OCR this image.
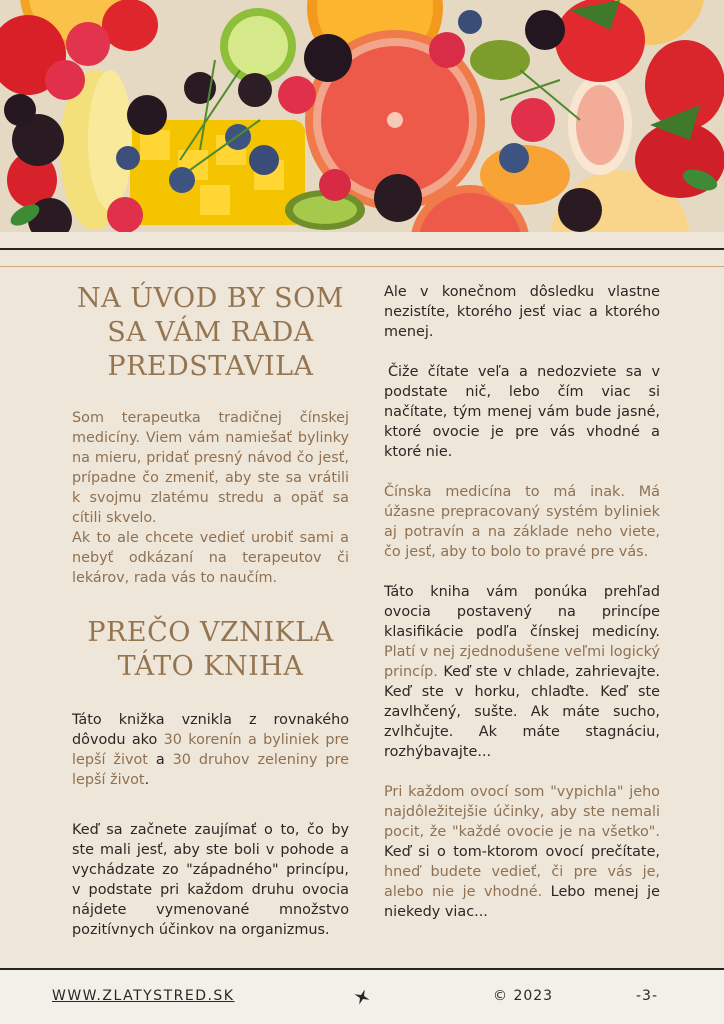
NA ÚVOD BY SOM SA VÁM RADA PREDSTAVILA

Som terapeutka tradičnej čínskej medicíny. Viem vám namiešať bylinky na mieru, pridať presný návod čo jesť, prípadne čo zmeniť, aby ste sa vrátili k svojmu zlatému stredu a opäť sa cítili skvelo.

Ak to ale chcete vedieť urobiť sami a nebyť odkázaní na terapeutov či lekárov, rada vás to naučím.

PREČO VZNIKLA TÁTO KNIHA

Táto knižka vznikla z rovnakého dôvodu ako 30 korenín a byliniek pre lepší život a 30 druhov zeleniny pre lepší život.

Keď sa začnete zaujímať o to, čo by ste mali jesť, aby ste boli v pohode a vychádzate zo "západného" princípu, v podstate pri každom druhu ovocia nájdete vymenované množstvo pozitívnych účinkov na organizmus.

Ale v konečnom dôsledku vlastne nezistíte, ktorého jesť viac a ktorého menej.

Čiže čítate veľa a nedozviete sa v podstate nič, lebo čím viac si načítate, tým menej vám bude jasné, ktoré ovocie je pre vás vhodné a ktoré nie.

Čínska medicína to má inak. Má úžasne prepracovaný systém byliniek aj potravín a na základe neho viete, čo jesť, aby to bolo to pravé pre vás.

Táto kniha vám ponúka prehľad ovocia postavený na princípe klasifikácie podľa čínskej medicíny. Platí v nej zjednodušene veľmi logický princíp. Keď ste v chlade, zahrievajte. Keď ste v horku, chlaďte. Keď ste zavlhčený, sušte. Ak máte sucho, zvlhčujte. Ak máte stagnáciu, rozhýbavajte...

Pri každom ovocí som "vypichla" jeho najdôležitejšie účinky, aby ste nemali pocit, že "každé ovocie je na všetko". Keď si o tom-ktorom ovocí prečítate, hneď budete vedieť, či pre vás je, alebo nie je vhodné. Lebo menej je niekedy viac...

WWW.ZLATYSTRED.SK	© 2023	-3-
